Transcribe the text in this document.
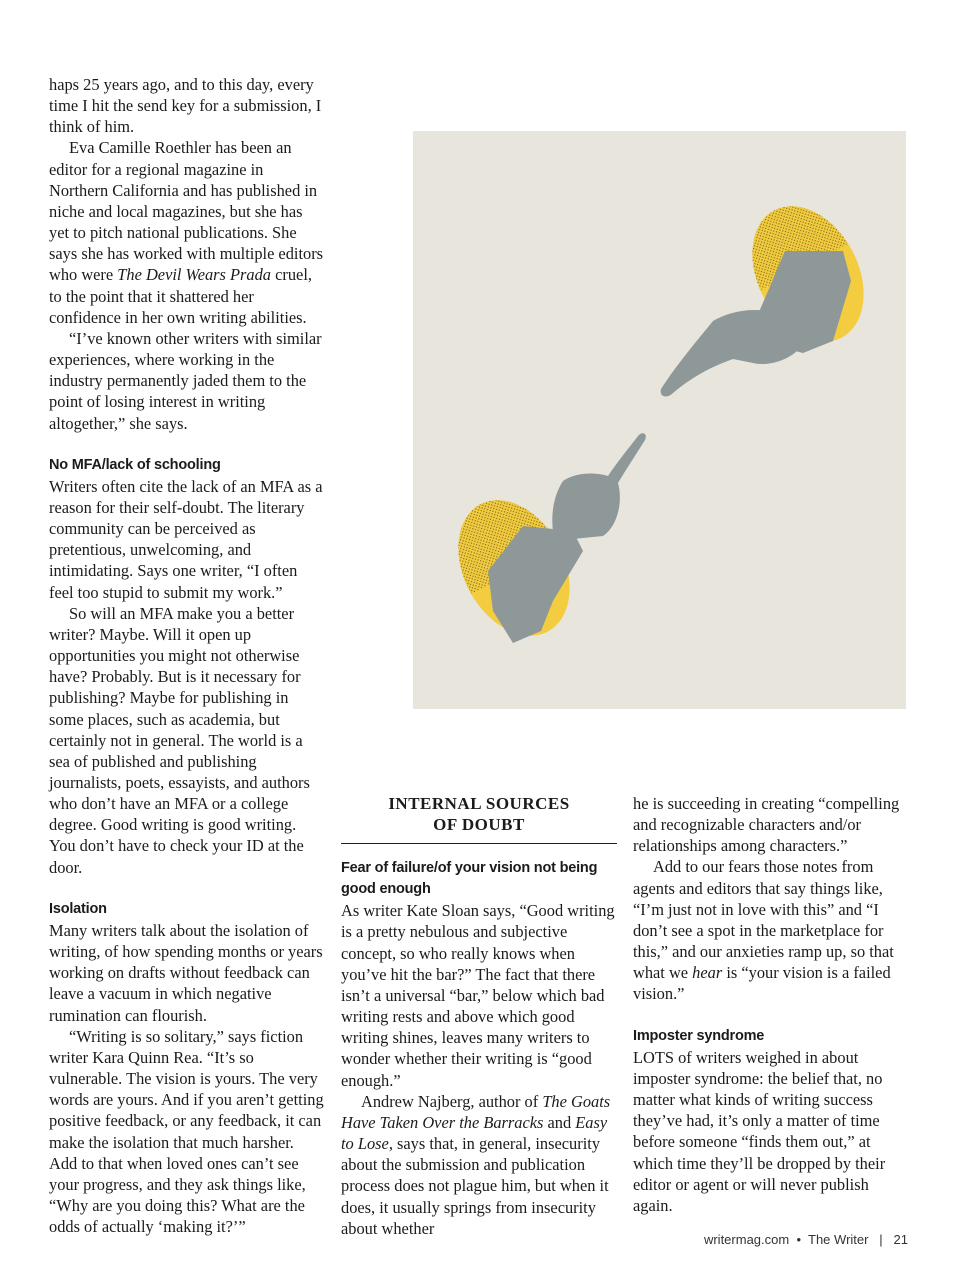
haps 25 years ago, and to this day, every time I hit the send key for a submission, I think of him.

Eva Camille Roethler has been an editor for a regional magazine in Northern California and has published in niche and local magazines, but she has yet to pitch national publications. She says she has worked with multiple editors who were The Devil Wears Prada cruel, to the point that it shattered her confidence in her own writing abilities.

“I’ve known other writers with similar experiences, where working in the industry permanently jaded them to the point of losing interest in writing altogether,” she says.

No MFA/lack of schooling

Writers often cite the lack of an MFA as a reason for their self-doubt. The literary community can be perceived as pretentious, unwelcoming, and intimidating. Says one writer, “I often feel too stupid to submit my work.”

So will an MFA make you a better writer? Maybe. Will it open up opportunities you might not otherwise have? Probably. But is it necessary for publishing? Maybe for publishing in some places, such as academia, but certainly not in general. The world is a sea of published and publishing journalists, poets, essayists, and authors who don’t have an MFA or a college degree. Good writing is good writing. You don’t have to check your ID at the door.

Isolation

Many writers talk about the isolation of writing, of how spending months or years working on drafts without feedback can leave a vacuum in which negative rumination can flourish.

“Writing is so solitary,” says fiction writer Kara Quinn Rea. “It’s so vulnerable. The vision is yours. The very words are yours. And if you aren’t getting positive feedback, or any feedback, it can make the isolation that much harsher. Add to that when loved ones can’t see your progress, and they ask things like, “Why are you doing this? What are the odds of actually ‘making it?’”

INTERNAL SOURCES
OF DOUBT

Fear of failure/of your vision not being good enough

As writer Kate Sloan says, “Good writing is a pretty nebulous and subjective concept, so who really knows when you’ve hit the bar?” The fact that there isn’t a universal “bar,” below which bad writing rests and above which good writing shines, leaves many writers to wonder whether their writing is “good enough.”

Andrew Najberg, author of The Goats Have Taken Over the Barracks and Easy to Lose, says that, in general, insecurity about the submission and publication process does not plague him, but when it does, it usually springs from insecurity about whether

he is succeeding in creating “compelling and recognizable characters and/or relationships among characters.”

Add to our fears those notes from agents and editors that say things like, “I’m just not in love with this” and “I don’t see a spot in the marketplace for this,” and our anxieties ramp up, so that what we hear is “your vision is a failed vision.”

Imposter syndrome

LOTS of writers weighed in about imposter syndrome: the belief that, no matter what kinds of writing success they’ve had, it’s only a matter of time before someone “finds them out,” at which time they’ll be dropped by their editor or agent or will never publish again.

writermag.com • The Writer | 21
